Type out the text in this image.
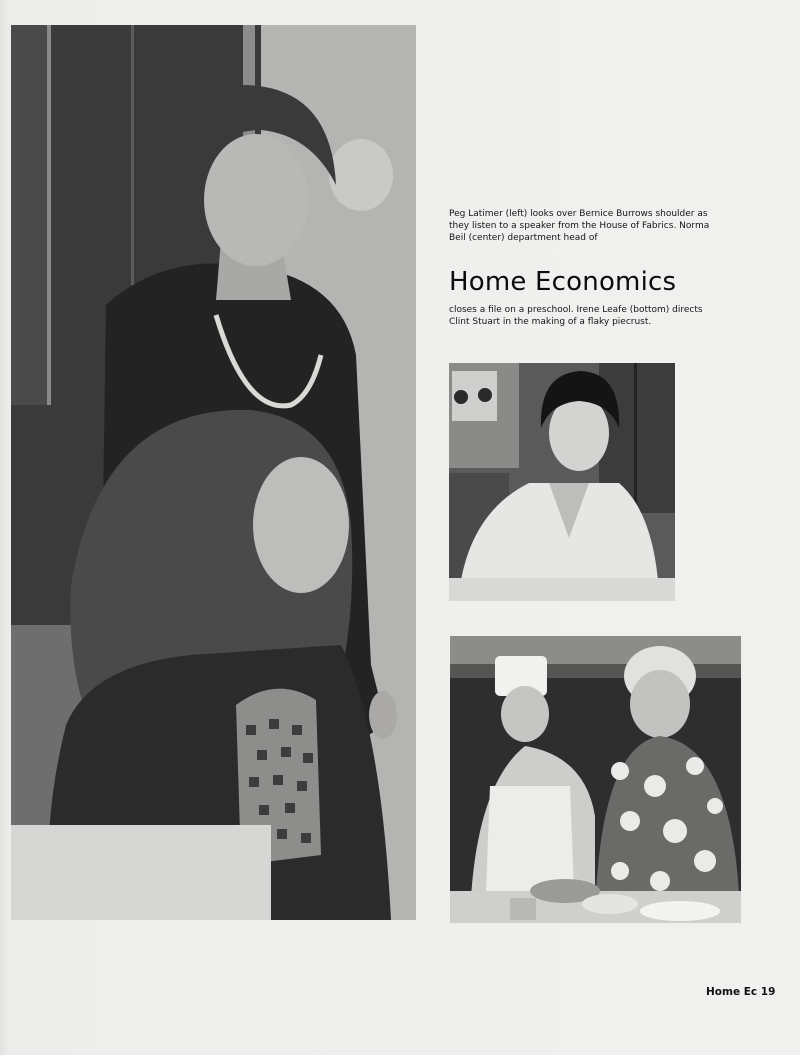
Peg Latimer (left) looks over Bernice Burrows shoulder as they listen to a speaker from the House of Fabrics. Norma Beil (center) department head of

Home Economics

closes a file on a preschool. Irene Leafe (bottom) directs Clint Stuart in the making of a flaky piecrust.

Home Ec 19
